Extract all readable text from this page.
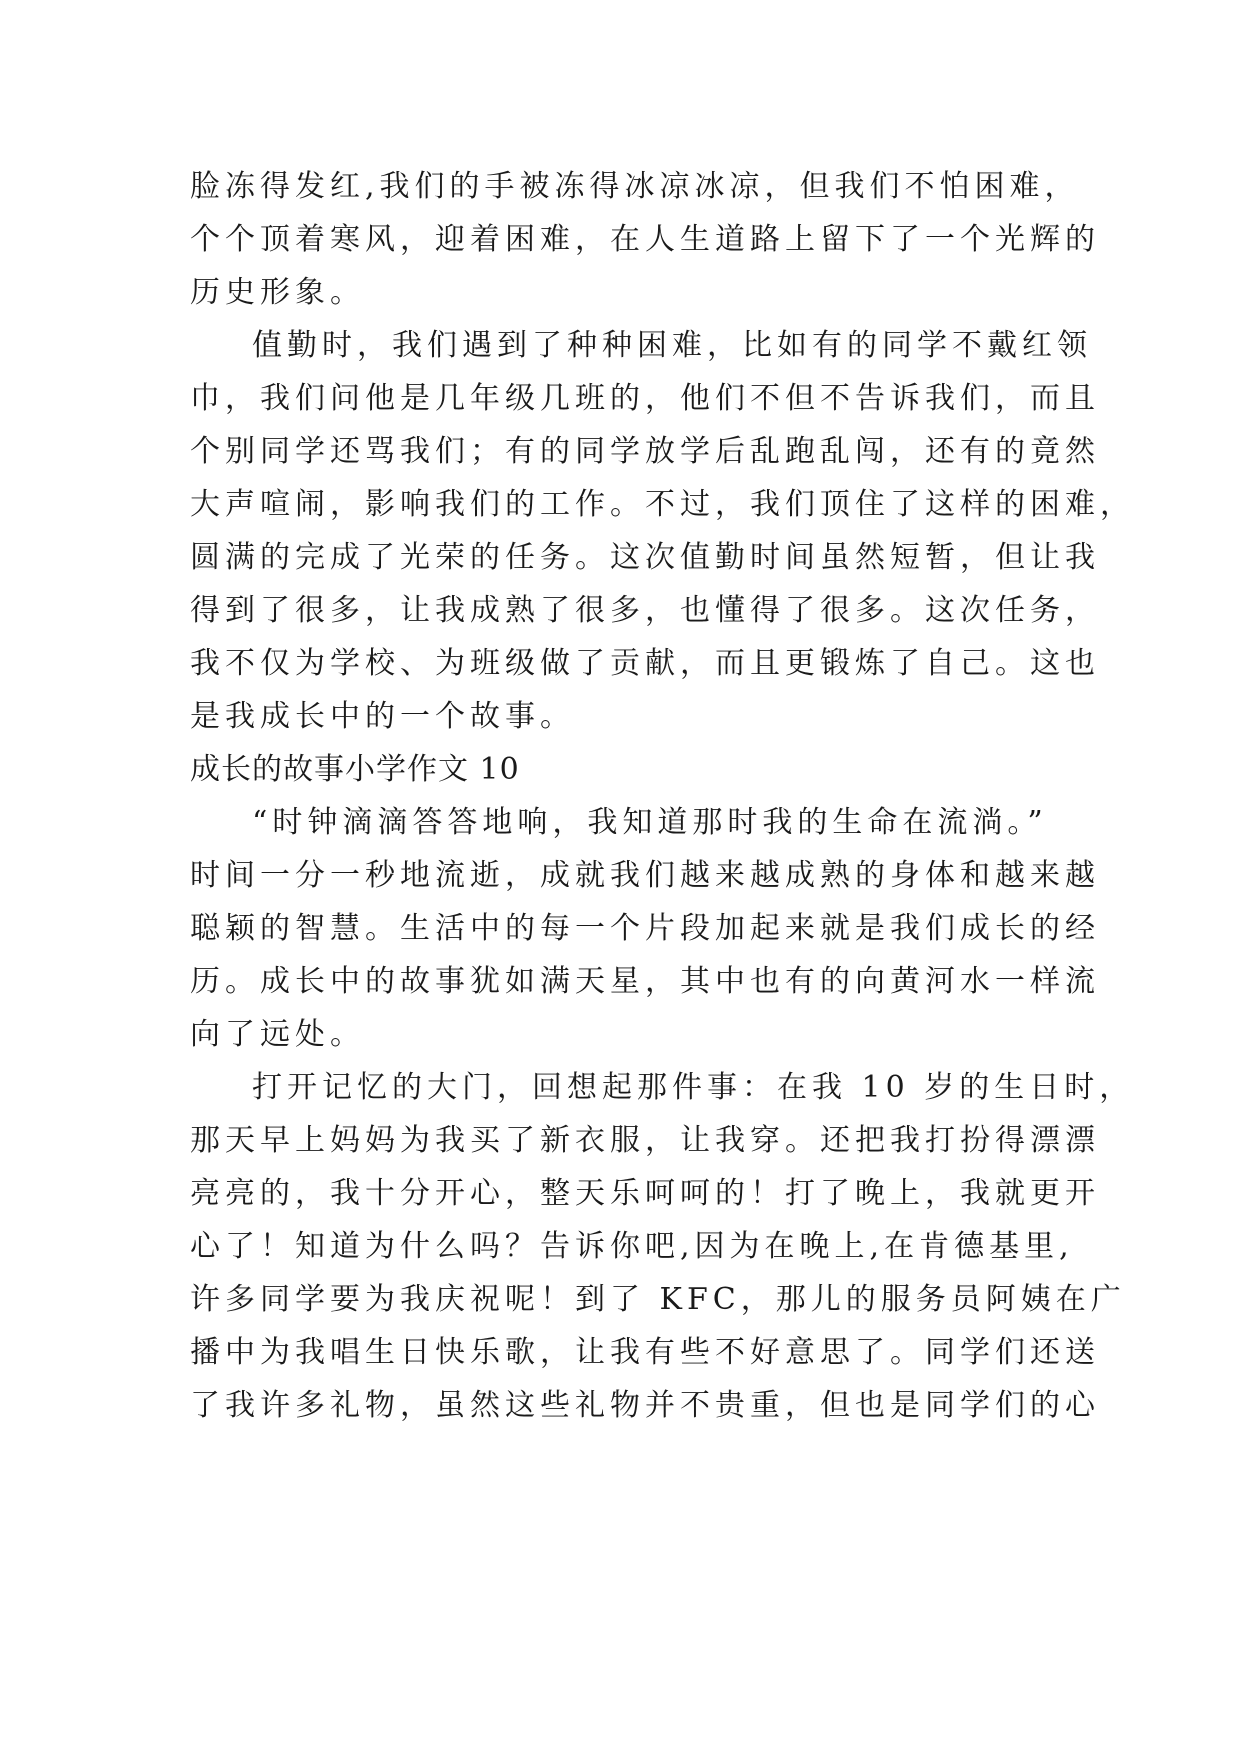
脸冻得发红,我们的手被冻得冰凉冰凉，但我们不怕困难，
个个顶着寒风，迎着困难，在人生道路上留下了一个光辉的
历史形象。
值勤时，我们遇到了种种困难，比如有的同学不戴红领
巾，我们问他是几年级几班的，他们不但不告诉我们，而且
个别同学还骂我们；有的同学放学后乱跑乱闯，还有的竟然
大声喧闹，影响我们的工作。不过，我们顶住了这样的困难，
圆满的完成了光荣的任务。这次值勤时间虽然短暂，但让我
得到了很多，让我成熟了很多，也懂得了很多。这次任务，
我不仅为学校、为班级做了贡献，而且更锻炼了自己。这也
是我成长中的一个故事。
成长的故事小学作文 10
“时钟滴滴答答地响，我知道那时我的生命在流淌。”
时间一分一秒地流逝，成就我们越来越成熟的身体和越来越
聪颖的智慧。生活中的每一个片段加起来就是我们成长的经
历。成长中的故事犹如满天星，其中也有的向黄河水一样流
向了远处。
打开记忆的大门，回想起那件事：在我 10 岁的生日时，
那天早上妈妈为我买了新衣服，让我穿。还把我打扮得漂漂
亮亮的，我十分开心，整天乐呵呵的！打了晚上，我就更开
心了！知道为什么吗？告诉你吧,因为在晚上,在肯德基里,
许多同学要为我庆祝呢！到了 KFC，那儿的服务员阿姨在广
播中为我唱生日快乐歌，让我有些不好意思了。同学们还送
了我许多礼物，虽然这些礼物并不贵重，但也是同学们的心
